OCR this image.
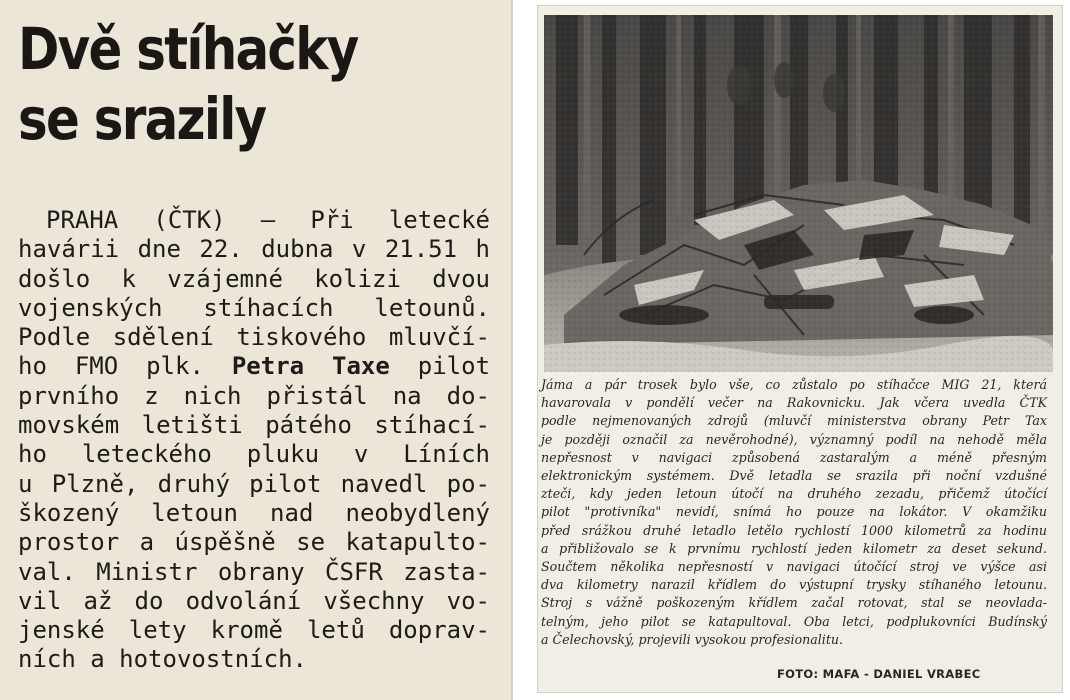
Dvě stíhačky
se srazily
PRAHA (ČTK) — Při letecké
havárii dne 22. dubna v 21.51 h
došlo k vzájemné kolizi dvou
vojenských stíhacích letounů.
Podle sdělení tiskového mluvčí-
ho FMO plk. Petra Taxe pilot
prvního z nich přistál na do-
movském letišti pátého stíhací-
ho leteckého pluku v Líních
u Plzně, druhý pilot navedl po-
škozený letoun nad neobydlený
prostor a úspěšně se katapulto-
val. Ministr obrany ČSFR zasta-
vil až do odvolání všechny vo-
jenské lety kromě letů doprav-
ních a hotovostních.
Jáma a pár trosek bylo vše, co zůstalo po stíhačce MIG 21, která
havarovala v pondělí večer na Rakovnicku. Jak včera uvedla ČTK
podle nejmenovaných zdrojů (mluvčí ministerstva obrany Petr Tax
je později označil za nevěrohodné), významný podíl na nehodě měla
nepřesnost v navigaci způsobená zastaralým a méně přesným
elektronickým systémem. Dvě letadla se srazila při noční vzdušné
zteči, kdy jeden letoun útočí na druhého zezadu, přičemž útočící
pilot "protivníka" nevidí, snímá ho pouze na lokátor. V okamžiku
před srážkou druhé letadlo letělo rychlostí 1000 kilometrů za hodinu
a přibližovalo se k prvnímu rychlostí jeden kilometr za deset sekund.
Součtem několika nepřesností v navigaci útočící stroj ve výšce asi
dva kilometry narazil křídlem do výstupní trysky stíhaného letounu.
Stroj s vážně poškozeným křídlem začal rotovat, stal se neovlada-
telným, jeho pilot se katapultoval. Oba letci, podplukovníci Budínský
a Čelechovský, projevili vysokou profesionalitu.
FOTO: MAFA - DANIEL VRABEC
